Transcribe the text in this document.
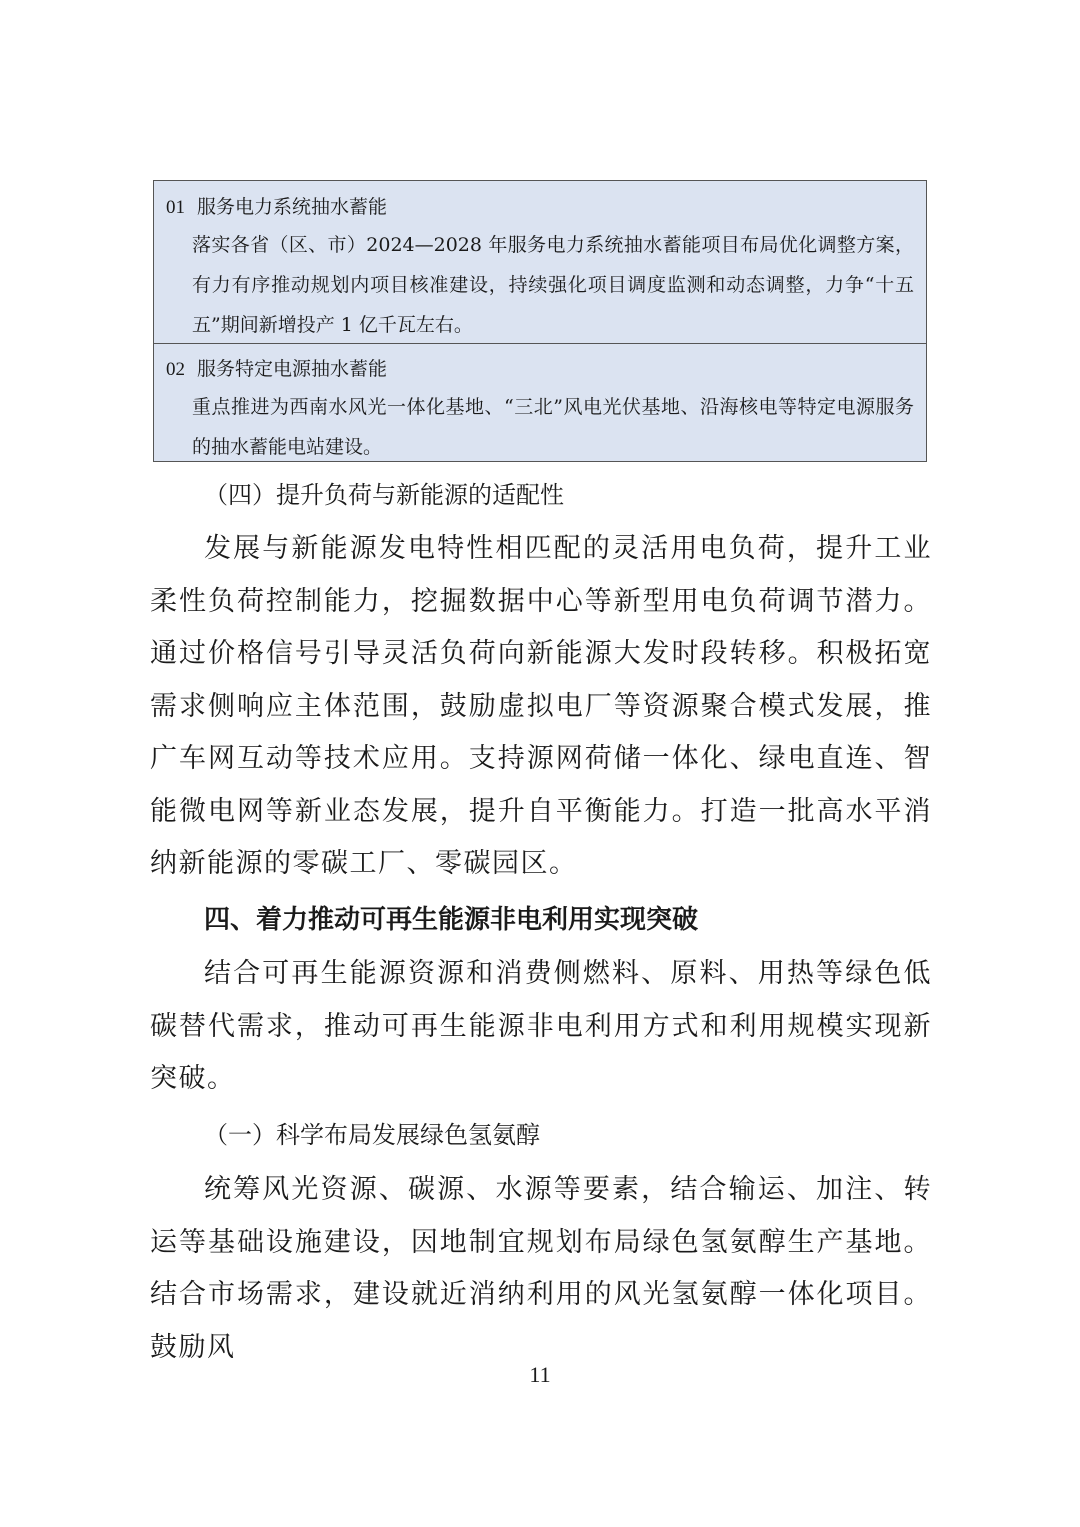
01 服务电力系统抽水蓄能
落实各省（区、市）2024—2028 年服务电力系统抽水蓄能项目布局优化调整方案，有力有序推动规划内项目核准建设，持续强化项目调度监测和动态调整，力争“十五五”期间新增投产 1 亿千瓦左右。
02 服务特定电源抽水蓄能
重点推进为西南水风光一体化基地、“三北”风电光伏基地、沿海核电等特定电源服务的抽水蓄能电站建设。
（四）提升负荷与新能源的适配性
发展与新能源发电特性相匹配的灵活用电负荷，提升工业柔性负荷控制能力，挖掘数据中心等新型用电负荷调节潜力。通过价格信号引导灵活负荷向新能源大发时段转移。积极拓宽需求侧响应主体范围，鼓励虚拟电厂等资源聚合模式发展，推广车网互动等技术应用。支持源网荷储一体化、绿电直连、智能微电网等新业态发展，提升自平衡能力。打造一批高水平消纳新能源的零碳工厂、零碳园区。
四、着力推动可再生能源非电利用实现突破
结合可再生能源资源和消费侧燃料、原料、用热等绿色低碳替代需求，推动可再生能源非电利用方式和利用规模实现新突破。
（一）科学布局发展绿色氢氨醇
统筹风光资源、碳源、水源等要素，结合输运、加注、转运等基础设施建设，因地制宜规划布局绿色氢氨醇生产基地。结合市场需求，建设就近消纳利用的风光氢氨醇一体化项目。鼓励风
11
